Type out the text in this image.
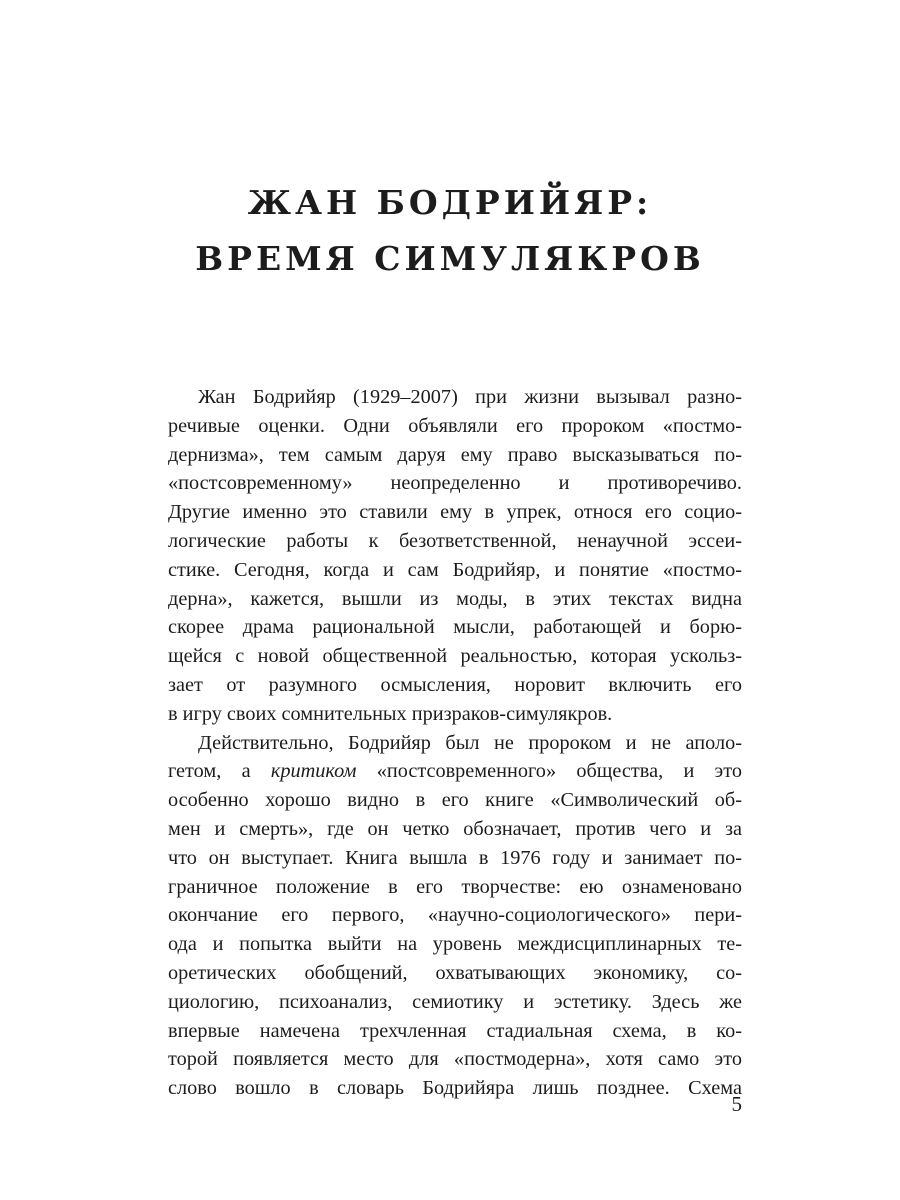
ЖАН БОДРИЙЯР:
ВРЕМЯ СИМУЛЯКРОВ
Жан Бодрийяр (1929–2007) при жизни вызывал разно-
речивые оценки. Одни объявляли его пророком «постмо-
дернизма», тем самым даруя ему право высказываться по-
«постсовременному» неопределенно и противоречиво.
Другие именно это ставили ему в упрек, относя его социо-
логические работы к безответственной, ненаучной эссеи-
стике. Сегодня, когда и сам Бодрийяр, и понятие «постмо-
дерна», кажется, вышли из моды, в этих текстах видна
скорее драма рациональной мысли, работающей и борю-
щейся с новой общественной реальностью, которая ускольз-
зает от разумного осмысления, норовит включить его
в игру своих сомнительных призраков-симулякров.
Действительно, Бодрийяр был не пророком и не аполо-
гетом, а критиком «постсовременного» общества, и это
особенно хорошо видно в его книге «Символический об-
мен и смерть», где он четко обозначает, против чего и за
что он выступает. Книга вышла в 1976 году и занимает по-
граничное положение в его творчестве: ею ознаменовано
окончание его первого, «научно-социологического» пери-
ода и попытка выйти на уровень междисциплинарных те-
оретических обобщений, охватывающих экономику, со-
циологию, психоанализ, семиотику и эстетику. Здесь же
впервые намечена трехчленная стадиальная схема, в ко-
торой появляется место для «постмодерна», хотя само это
слово вошло в словарь Бодрийяра лишь позднее. Схема
5
